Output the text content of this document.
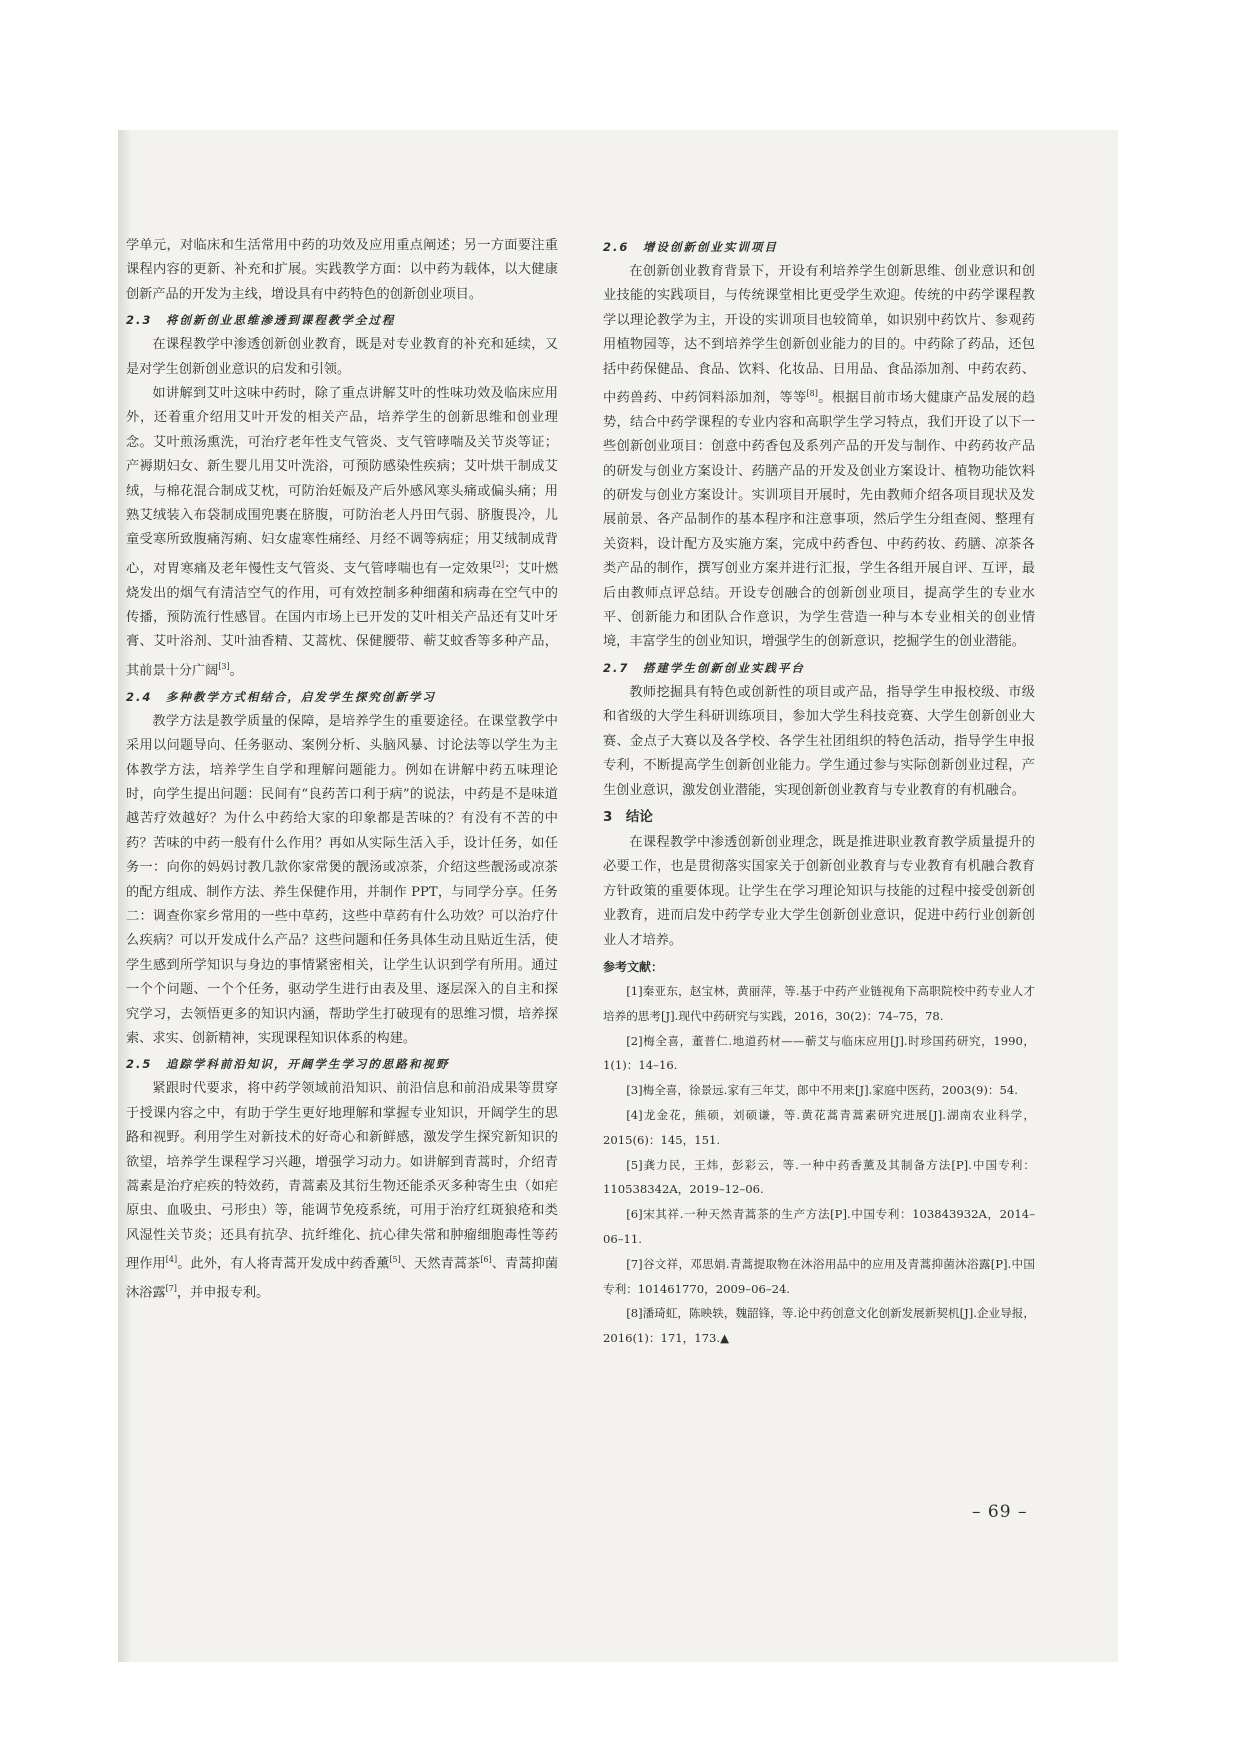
学单元，对临床和生活常用中药的功效及应用重点阐述；另一方面要注重课程内容的更新、补充和扩展。实践教学方面：以中药为载体，以大健康创新产品的开发为主线，增设具有中药特色的创新创业项目。

2.3　将创新创业思维渗透到课程教学全过程

在课程教学中渗透创新创业教育，既是对专业教育的补充和延续，又是对学生创新创业意识的启发和引领。

如讲解到艾叶这味中药时，除了重点讲解艾叶的性味功效及临床应用外，还着重介绍用艾叶开发的相关产品，培养学生的创新思维和创业理念。艾叶煎汤熏洗，可治疗老年性支气管炎、支气管哮喘及关节炎等证；产褥期妇女、新生婴儿用艾叶洗浴，可预防感染性疾病；艾叶烘干制成艾绒，与棉花混合制成艾枕，可防治妊娠及产后外感风寒头痛或偏头痛；用熟艾绒装入布袋制成围兜裹在脐腹，可防治老人丹田气弱、脐腹畏冷，儿童受寒所致腹痛泻痢、妇女虚寒性痛经、月经不调等病症；用艾绒制成背心，对胃寒痛及老年慢性支气管炎、支气管哮喘也有一定效果[2]；艾叶燃烧发出的烟气有清洁空气的作用，可有效控制多种细菌和病毒在空气中的传播，预防流行性感冒。在国内市场上已开发的艾叶相关产品还有艾叶牙膏、艾叶浴剂、艾叶油香精、艾蒿枕、保健腰带、蕲艾蚊香等多种产品，其前景十分广阔[3]。

2.4　多种教学方式相结合，启发学生探究创新学习

教学方法是教学质量的保障，是培养学生的重要途径。在课堂教学中采用以问题导向、任务驱动、案例分析、头脑风暴、讨论法等以学生为主体教学方法，培养学生自学和理解问题能力。例如在讲解中药五味理论时，向学生提出问题：民间有“良药苦口利于病”的说法，中药是不是味道越苦疗效越好？为什么中药给大家的印象都是苦味的？有没有不苦的中药？苦味的中药一般有什么作用？再如从实际生活入手，设计任务，如任务一：向你的妈妈讨教几款你家常煲的靓汤或凉茶，介绍这些靓汤或凉茶的配方组成、制作方法、养生保健作用，并制作 PPT，与同学分享。任务二：调查你家乡常用的一些中草药，这些中草药有什么功效？可以治疗什么疾病？可以开发成什么产品？这些问题和任务具体生动且贴近生活，使学生感到所学知识与身边的事情紧密相关，让学生认识到学有所用。通过一个个问题、一个个任务，驱动学生进行由表及里、逐层深入的自主和探究学习，去领悟更多的知识内涵，帮助学生打破现有的思维习惯，培养探索、求实、创新精神，实现课程知识体系的构建。

2.5　追踪学科前沿知识，开阔学生学习的思路和视野

紧跟时代要求，将中药学领域前沿知识、前沿信息和前沿成果等贯穿于授课内容之中，有助于学生更好地理解和掌握专业知识，开阔学生的思路和视野。利用学生对新技术的好奇心和新鲜感，激发学生探究新知识的欲望，培养学生课程学习兴趣，增强学习动力。如讲解到青蒿时，介绍青蒿素是治疗疟疾的特效药，青蒿素及其衍生物还能杀灭多种寄生虫（如疟原虫、血吸虫、弓形虫）等，能调节免疫系统，可用于治疗红斑狼疮和类风湿性关节炎；还具有抗孕、抗纤维化、抗心律失常和肿瘤细胞毒性等药理作用[4]。此外，有人将青蒿开发成中药香薰[5]、天然青蒿茶[6]、青蒿抑菌沐浴露[7]，并申报专利。

2.6　增设创新创业实训项目

在创新创业教育背景下，开设有利培养学生创新思维、创业意识和创业技能的实践项目，与传统课堂相比更受学生欢迎。传统的中药学课程教学以理论教学为主，开设的实训项目也较简单，如识别中药饮片、参观药用植物园等，达不到培养学生创新创业能力的目的。中药除了药品，还包括中药保健品、食品、饮料、化妆品、日用品、食品添加剂、中药农药、中药兽药、中药饲料添加剂，等等[8]。根据目前市场大健康产品发展的趋势，结合中药学课程的专业内容和高职学生学习特点，我们开设了以下一些创新创业项目：创意中药香包及系列产品的开发与制作、中药药妆产品的研发与创业方案设计、药膳产品的开发及创业方案设计、植物功能饮料的研发与创业方案设计。实训项目开展时，先由教师介绍各项目现状及发展前景、各产品制作的基本程序和注意事项，然后学生分组查阅、整理有关资料，设计配方及实施方案，完成中药香包、中药药妆、药膳、凉茶各类产品的制作，撰写创业方案并进行汇报，学生各组开展自评、互评，最后由教师点评总结。开设专创融合的创新创业项目，提高学生的专业水平、创新能力和团队合作意识，为学生营造一种与本专业相关的创业情境，丰富学生的创业知识，增强学生的创新意识，挖掘学生的创业潜能。

2.7　搭建学生创新创业实践平台

教师挖掘具有特色或创新性的项目或产品，指导学生申报校级、市级和省级的大学生科研训练项目，参加大学生科技竞赛、大学生创新创业大赛、金点子大赛以及各学校、各学生社团组织的特色活动，指导学生申报专利，不断提高学生创新创业能力。学生通过参与实际创新创业过程，产生创业意识，激发创业潜能，实现创新创业教育与专业教育的有机融合。

3　结论

在课程教学中渗透创新创业理念，既是推进职业教育教学质量提升的必要工作，也是贯彻落实国家关于创新创业教育与专业教育有机融合教育方针政策的重要体现。让学生在学习理论知识与技能的过程中接受创新创业教育，进而启发中药学专业大学生创新创业意识，促进中药行业创新创业人才培养。

参考文献：

[1]秦亚东，赵宝林，黄丽萍，等.基于中药产业链视角下高职院校中药专业人才培养的思考[J].现代中药研究与实践，2016，30(2)：74–75，78.

[2]梅全喜，董普仁.地道药材——蕲艾与临床应用[J].时珍国药研究，1990，1(1)：14–16.

[3]梅全喜，徐景远.家有三年艾，郎中不用来[J].家庭中医药，2003(9)：54.

[4]龙金花，熊硕，刘硕谦，等.黄花蒿青蒿素研究进展[J].湖南农业科学，2015(6)：145，151.

[5]龚力民，王炜，彭彩云，等.一种中药香薰及其制备方法[P].中国专利：110538342A，2019–12–06.

[6]宋其祥.一种天然青蒿茶的生产方法[P].中国专利：103843932A，2014–06–11.

[7]谷文祥，邓思娟.青蒿提取物在沐浴用品中的应用及青蒿抑菌沐浴露[P].中国专利：101461770，2009–06–24.

[8]潘琦虹，陈映轶，魏韶锋，等.论中药创意文化创新发展新契机[J].企业导报，2016(1)：171，173.▲

– 69 –
